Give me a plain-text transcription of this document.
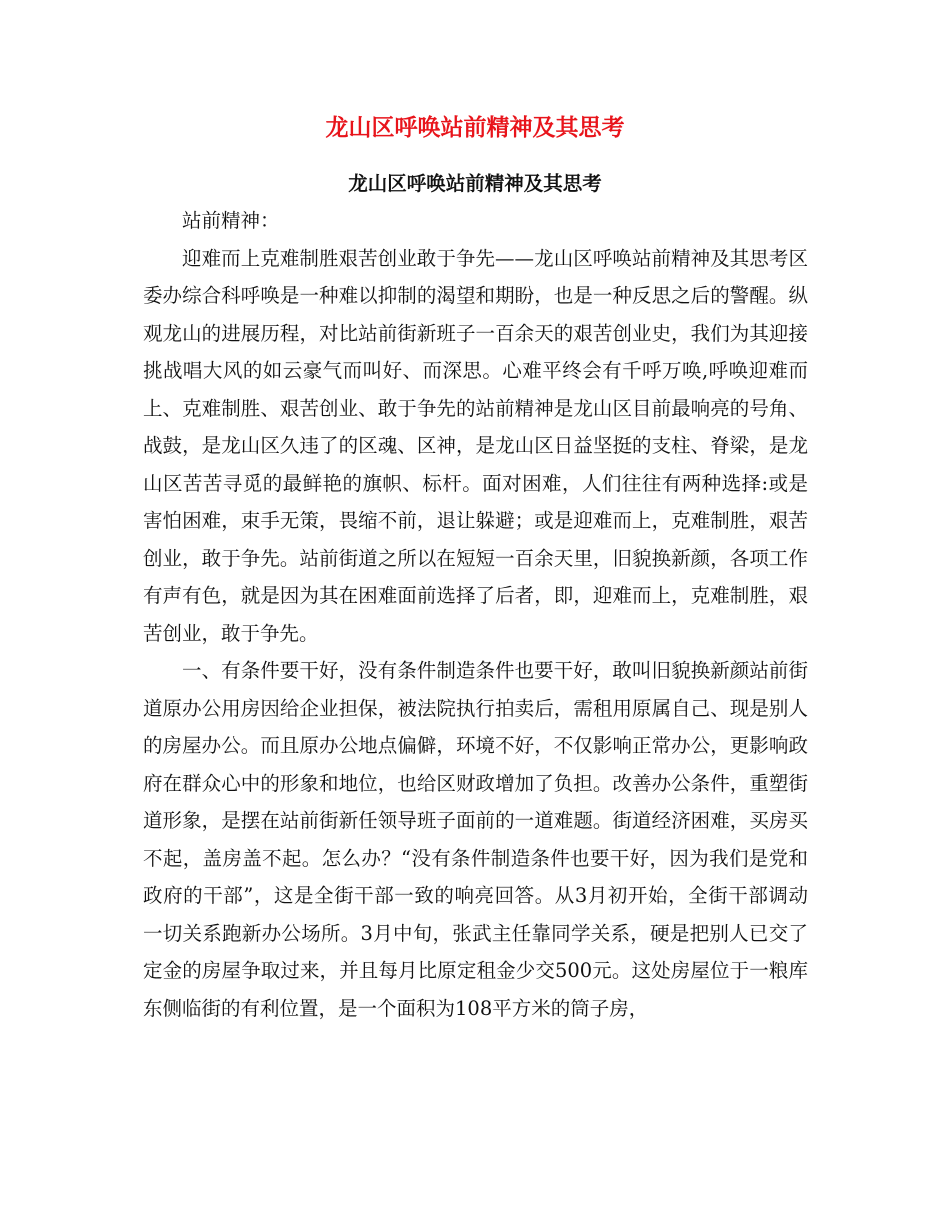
龙山区呼唤站前精神及其思考
龙山区呼唤站前精神及其思考

站前精神：

迎难而上克难制胜艰苦创业敢于争先——龙山区呼唤站前精神及其思考区委办综合科呼唤是一种难以抑制的渴望和期盼，也是一种反思之后的警醒。纵观龙山的进展历程，对比站前街新班子一百余天的艰苦创业史，我们为其迎接挑战唱大风的如云豪气而叫好、而深思。心难平终会有千呼万唤,呼唤迎难而上、克难制胜、艰苦创业、敢于争先的站前精神是龙山区目前最响亮的号角、战鼓，是龙山区久违了的区魂、区神，是龙山区日益坚挺的支柱、脊梁，是龙山区苦苦寻觅的最鲜艳的旗帜、标杆。面对困难，人们往往有两种选择:或是害怕困难，束手无策，畏缩不前，退让躲避；或是迎难而上，克难制胜，艰苦创业，敢于争先。站前街道之所以在短短一百余天里，旧貌换新颜，各项工作有声有色，就是因为其在困难面前选择了后者，即，迎难而上，克难制胜，艰苦创业，敢于争先。

一、有条件要干好，没有条件制造条件也要干好，敢叫旧貌换新颜站前街道原办公用房因给企业担保，被法院执行拍卖后，需租用原属自己、现是别人的房屋办公。而且原办公地点偏僻，环境不好，不仅影响正常办公，更影响政府在群众心中的形象和地位，也给区财政增加了负担。改善办公条件，重塑街道形象，是摆在站前街新任领导班子面前的一道难题。街道经济困难，买房买不起，盖房盖不起。怎么办？“没有条件制造条件也要干好，因为我们是党和政府的干部”，这是全街干部一致的响亮回答。从3月初开始，全街干部调动一切关系跑新办公场所。3月中旬，张武主任靠同学关系，硬是把别人已交了定金的房屋争取过来，并且每月比原定租金少交500元。这处房屋位于一粮库东侧临街的有利位置，是一个面积为108平方米的筒子房，
